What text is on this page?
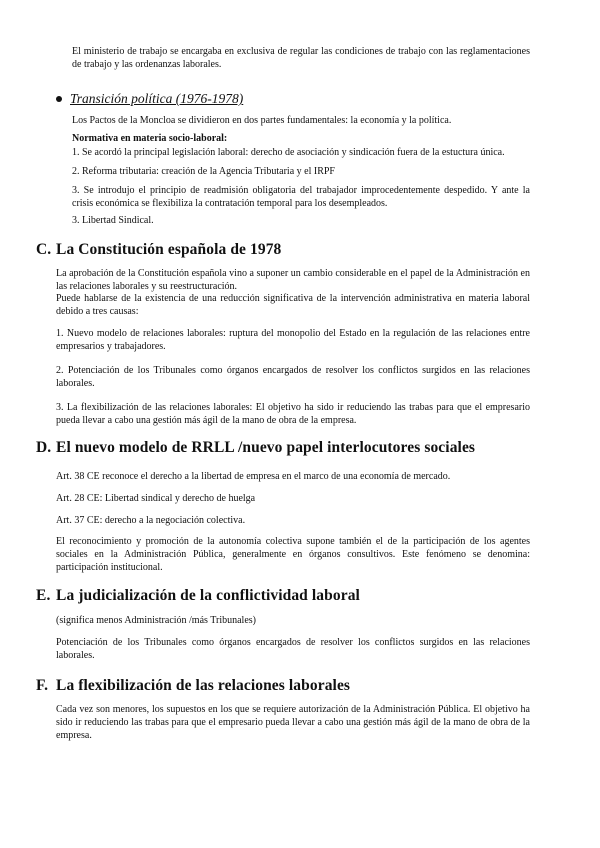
El ministerio de trabajo se encargaba en exclusiva de regular las condiciones de trabajo con las reglamentaciones de trabajo y las ordenanzas laborales.

Transición política (1976-1978)

Los Pactos de la Moncloa se dividieron en dos partes fundamentales: la economía y la política.

Normativa en materia socio-laboral:

1. Se acordó la principal legislación laboral: derecho de asociación y sindicación fuera de la estuctura única.

2. Reforma tributaria: creación de la Agencia Tributaria y el IRPF

3. Se introdujo el principio de readmisión obligatoria del trabajador improcedentemente despedido. Y ante la crisis económica se flexibiliza la contratación temporal para los desempleados.

3. Libertad Sindical.

C. La Constitución española de 1978

La aprobación de la Constitución española vino a suponer un cambio considerable en el papel de la Administración en las relaciones laborales y su reestructuración.

Puede hablarse de la existencia de una reducción significativa de la intervención administrativa en materia laboral debido a tres causas:

1. Nuevo modelo de relaciones laborales: ruptura del monopolio del Estado en la regulación de las relaciones entre empresarios y trabajadores.

2. Potenciación de los Tribunales como órganos encargados de resolver los conflictos surgidos en las relaciones laborales.

3. La flexibilización de las relaciones laborales: El objetivo ha sido ir reduciendo las trabas para que el empresario pueda llevar a cabo una gestión más ágil de la mano de obra de la empresa.

D. El nuevo modelo de RRLL /nuevo papel interlocutores sociales

Art. 38 CE reconoce el derecho a la libertad de empresa en el marco de una economía de mercado.

Art. 28 CE: Libertad sindical y derecho de huelga

Art. 37 CE: derecho a la negociación colectiva.

El reconocimiento y promoción de la autonomía colectiva supone también el de la participación de los agentes sociales en la Administración Pública, generalmente en órganos consultivos. Este fenómeno se denomina: participación institucional.

E. La judicialización de la conflictividad laboral

(significa menos Administración /más Tribunales)

Potenciación de los Tribunales como órganos encargados de resolver los conflictos surgidos en las relaciones laborales.

F. La flexibilización de las relaciones laborales

Cada vez son menores, los supuestos en los que se requiere autorización de la Administración Pública. El objetivo ha sido ir reduciendo las trabas para que el empresario pueda llevar a cabo una gestión más ágil de la mano de obra de la empresa.
